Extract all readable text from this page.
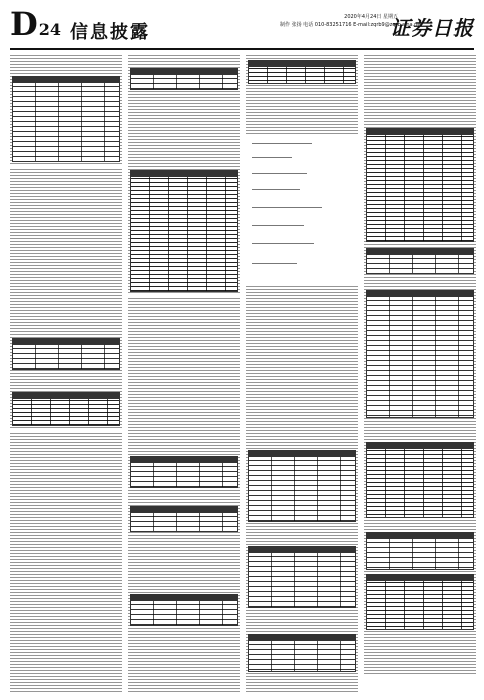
D24 信息披露
2020年4月24日 星期五
制作 张扬 电话 010-83251716 E-mail:zqrb9@zqrb.sina.net
证券日报
